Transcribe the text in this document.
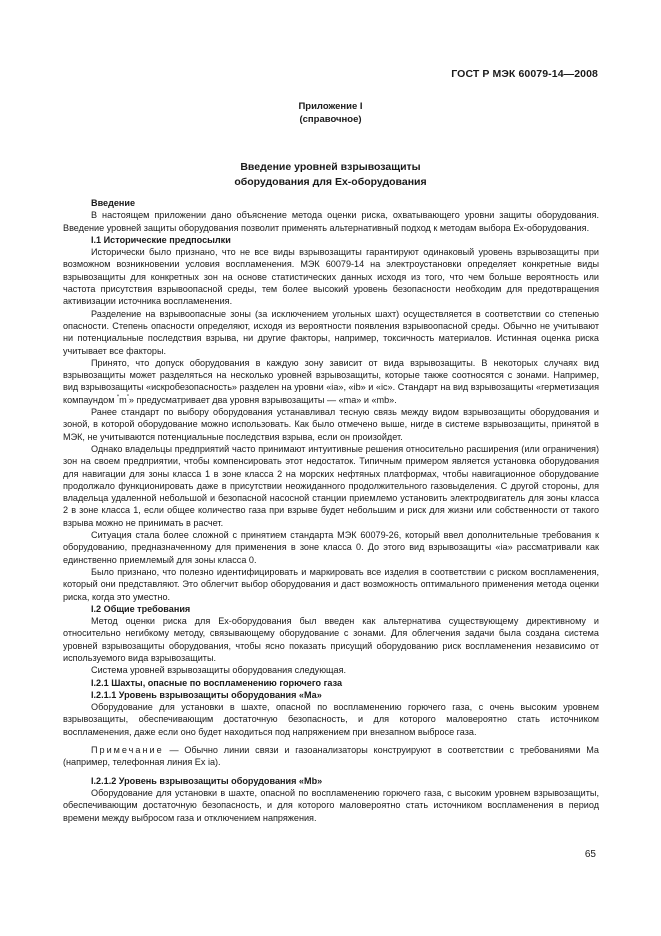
ГОСТ Р МЭК 60079-14—2008
Приложение I
(справочное)
Введение уровней взрывозащиты
оборудования для Ex-оборудования

Введение

В настоящем приложении дано объяснение метода оценки риска, охватывающего уровни защиты оборудования. Введение уровней защиты оборудования позволит применять альтернативный подход к методам выбора Ex-оборудования.

I.1 Исторические предпосылки

Исторически было признано, что не все виды взрывозащиты гарантируют одинаковый уровень взрывозащиты при возможном возникновении условия воспламенения. МЭК 60079-14 на электроустановки определяет конкретные виды взрывозащиты для конкретных зон на основе статистических данных исходя из того, что чем больше вероятность или частота присутствия взрывоопасной среды, тем более высокий уровень безопасности необходим для предотвращения активизации источника воспламенения.

Разделение на взрывоопасные зоны (за исключением угольных шахт) осуществляется в соответствии со степенью опасности. Степень опасности определяют, исходя из вероятности появления взрывоопасной среды. Обычно не учитывают ни потенциальные последствия взрыва, ни другие факторы, например, токсичность материалов. Истинная оценка риска учитывает все факторы.

Принято, что допуск оборудования в каждую зону зависит от вида взрывозащиты. В некоторых случаях вид взрывозащиты может разделяться на несколько уровней взрывозащиты, которые также соотносятся с зонами. Например, вид взрывозащиты «искробезопасность» разделен на уровни «ia», «ib» и «ic». Стандарт на вид взрывозащиты «герметизация компаундом “m”» предусматривает два уровня взрывозащиты — «ma» и «mb».

Ранее стандарт по выбору оборудования устанавливал тесную связь между видом взрывозащиты оборудования и зоной, в которой оборудование можно использовать. Как было отмечено выше, нигде в системе взрывозащиты, принятой в МЭК, не учитываются потенциальные последствия взрыва, если он произойдет.

Однако владельцы предприятий часто принимают интуитивные решения относительно расширения (или ограничения) зон на своем предприятии, чтобы компенсировать этот недостаток. Типичным примером является установка оборудования для навигации для зоны класса 1 в зоне класса 2 на морских нефтяных платформах, чтобы навигационное оборудование продолжало функционировать даже в присутствии неожиданного продолжительного газовыделения. С другой стороны, для владельца удаленной небольшой и безопасной насосной станции приемлемо установить электродвигатель для зоны класса 2 в зоне класса 1, если общее количество газа при взрыве будет небольшим и риск для жизни или собственности от такого взрыва можно не принимать в расчет.

Ситуация стала более сложной с принятием стандарта МЭК 60079-26, который ввел дополнительные требования к оборудованию, предназначенному для применения в зоне класса 0. До этого вид взрывозащиты «ia» рассматривали как единственно приемлемый для зоны класса 0.

Было признано, что полезно идентифицировать и маркировать все изделия в соответствии с риском воспламенения, который они представляют. Это облегчит выбор оборудования и даст возможность оптимального применения метода оценки риска, когда это уместно.

I.2 Общие требования

Метод оценки риска для Ex-оборудования был введен как альтернатива существующему директивному и относительно негибкому методу, связывающему оборудование с зонами. Для облегчения задачи была создана система уровней взрывозащиты оборудования, чтобы ясно показать присущий оборудованию риск воспламенения независимо от используемого вида взрывозащиты.

Система уровней взрывозащиты оборудования следующая.

I.2.1 Шахты, опасные по воспламенению горючего газа

I.2.1.1 Уровень взрывозащиты оборудования «Ма»

Оборудование для установки в шахте, опасной по воспламенению горючего газа, с очень высоким уровнем взрывозащиты, обеспечивающим достаточную безопасность, и для которого маловероятно стать источником воспламенения, даже если оно будет находиться под напряжением при внезапном выбросе газа.

Примечание — Обычно линии связи и газоанализаторы конструируют в соответствии с требованиями Ма (например, телефонная линия Ex ia).

I.2.1.2 Уровень взрывозащиты оборудования «Mb»

Оборудование для установки в шахте, опасной по воспламенению горючего газа, с высоким уровнем взрывозащиты, обеспечивающим достаточную безопасность, и для которого маловероятно стать источником воспламенения в период времени между выбросом газа и отключением напряжения.

65
